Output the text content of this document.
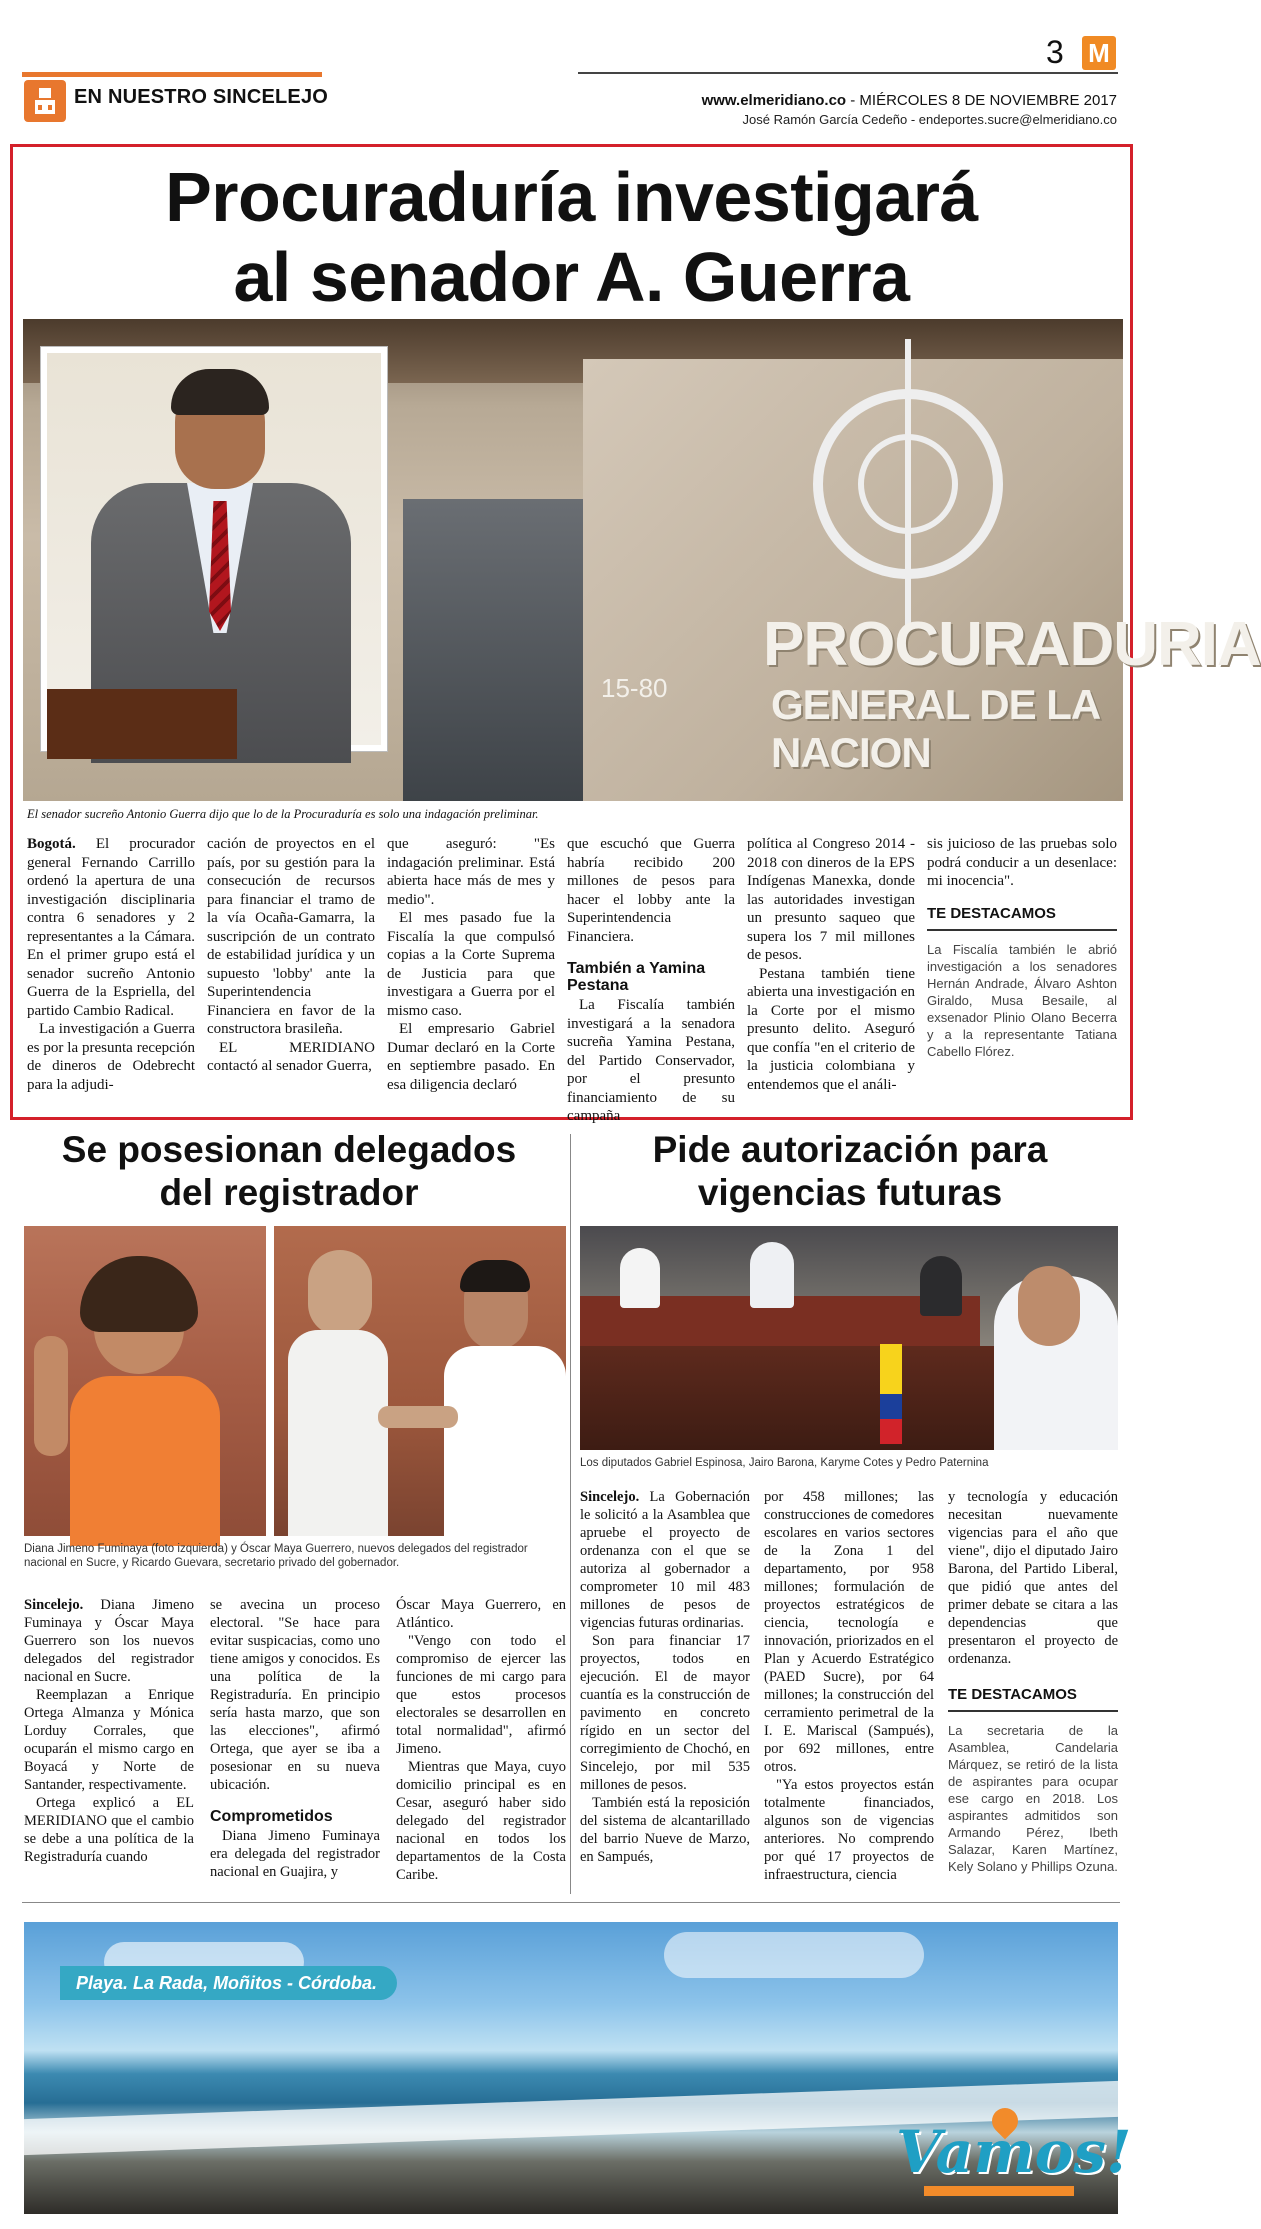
3 M
EN NUESTRO SINCELEJO	www.elmeridiano.co - MIÉRCOLES 8 DE NOVIEMBRE 2017
José Ramón García Cedeño - endeportes.sucre@elmeridiano.co
Procuraduría investigará
al senador A. Guerra
PROCURADURIA
GENERAL DE LA NACION
15-80
El senador sucreño Antonio Guerra dijo que lo de la Procuraduría es solo una indagación preliminar.

Bogotá. El procurador general Fernando Carrillo ordenó la apertura de una investigación disciplinaria contra 6 senadores y 2 representantes a la Cámara. En el primer grupo está el senador sucreño Antonio Guerra de la Espriella, del partido Cambio Radical.

La investigación a Guerra es por la presunta recepción de dineros de Odebrecht para la adjudi-

cación de proyectos en el país, por su gestión para la consecución de recursos para financiar el tramo de la vía Ocaña-Gamarra, la suscripción de un contrato de estabilidad jurídica y un supuesto 'lobby' ante la Superintendencia Financiera en favor de la constructora brasileña.

EL MERIDIANO contactó al senador Guerra,

que aseguró: "Es indagación preliminar. Está abierta hace más de mes y medio".

El mes pasado fue la Fiscalía la que compulsó copias a la Corte Suprema de Justicia para que investigara a Guerra por el mismo caso.

El empresario Gabriel Dumar declaró en la Corte en septiembre pasado. En esa diligencia declaró

que escuchó que Guerra habría recibido 200 millones de pesos para hacer el lobby ante la Superintendencia Financiera.

También a Yamina Pestana

La Fiscalía también investigará a la senadora sucreña Yamina Pestana, del Partido Conservador, por el presunto financiamiento de su campaña

política al Congreso 2014 - 2018 con dineros de la EPS Indígenas Manexka, donde las autoridades investigan un presunto saqueo que supera los 7 mil millones de pesos.

Pestana también tiene abierta una investigación en la Corte por el mismo presunto delito. Aseguró que confía "en el criterio de la justicia colombiana y entendemos que el análi-

sis juicioso de las pruebas solo podrá conducir a un desenlace: mi inocencia".

TE DESTACAMOS
La Fiscalía también le abrió investigación a los senadores Hernán Andrade, Álvaro Ashton Giraldo, Musa Besaile, al exsenador Plinio Olano Becerra y a la representante Tatiana Cabello Flórez.
Se posesionan delegados
del registrador
Diana Jimeno Fuminaya (foto izquierda) y Óscar Maya Guerrero, nuevos delegados del registrador nacional en Sucre, y Ricardo Guevara, secretario privado del gobernador.

Sincelejo. Diana Jimeno Fuminaya y Óscar Maya Guerrero son los nuevos delegados del registrador nacional en Sucre.

Reemplazan a Enrique Ortega Almanza y Mónica Lorduy Corrales, que ocuparán el mismo cargo en Boyacá y Norte de Santander, respectivamente.

Ortega explicó a EL MERIDIANO que el cambio se debe a una política de la Registraduría cuando

se avecina un proceso electoral. "Se hace para evitar suspicacias, como uno tiene amigos y conocidos. Es una política de la Registraduría. En principio sería hasta marzo, que son las elecciones", afirmó Ortega, que ayer se iba a posesionar en su nueva ubicación.

Comprometidos

Diana Jimeno Fuminaya era delegada del registrador nacional en Guajira, y

Óscar Maya Guerrero, en Atlántico.

"Vengo con todo el compromiso de ejercer las funciones de mi cargo para que estos procesos electorales se desarrollen en total normalidad", afirmó Jimeno.

Mientras que Maya, cuyo domicilio principal es en Cesar, aseguró haber sido delegado del registrador nacional en todos los departamentos de la Costa Caribe.

Pide autorización para
vigencias futuras
Los diputados Gabriel Espinosa, Jairo Barona, Karyme Cotes y Pedro Paternina

Sincelejo. La Gobernación le solicitó a la Asamblea que apruebe el proyecto de ordenanza con el que se autoriza al gobernador a comprometer 10 mil 483 millones de pesos de vigencias futuras ordinarias.

Son para financiar 17 proyectos, todos en ejecución. El de mayor cuantía es la construcción de pavimento en concreto rígido en un sector del corregimiento de Chochó, en Sincelejo, por mil 535 millones de pesos.

También está la reposición del sistema de alcantarillado del barrio Nueve de Marzo, en Sampués,

por 458 millones; las construcciones de comedores escolares en varios sectores de la Zona 1 del departamento, por 958 millones; formulación de proyectos estratégicos de ciencia, tecnología e innovación, priorizados en el Plan y Acuerdo Estratégico (PAED Sucre), por 64 millones; la construcción del cerramiento perimetral de la I. E. Mariscal (Sampués), por 692 millones, entre otros.

"Ya estos proyectos están totalmente financiados, algunos son de vigencias anteriores. No comprendo por qué 17 proyectos de infraestructura, ciencia

y tecnología y educación necesitan nuevamente vigencias para el año que viene", dijo el diputado Jairo Barona, del Partido Liberal, que pidió que antes del primer debate se citara a las dependencias que presentaron el proyecto de ordenanza.

TE DESTACAMOS
La secretaria de la Asamblea, Candelaria Márquez, se retiró de la lista de aspirantes para ocupar ese cargo en 2018. Los aspirantes admitidos son Armando Pérez, Ibeth Salazar, Karen Martínez, Kely Solano y Phillips Ozuna.
Playa. La Rada, Moñitos - Córdoba.
Vamos!
